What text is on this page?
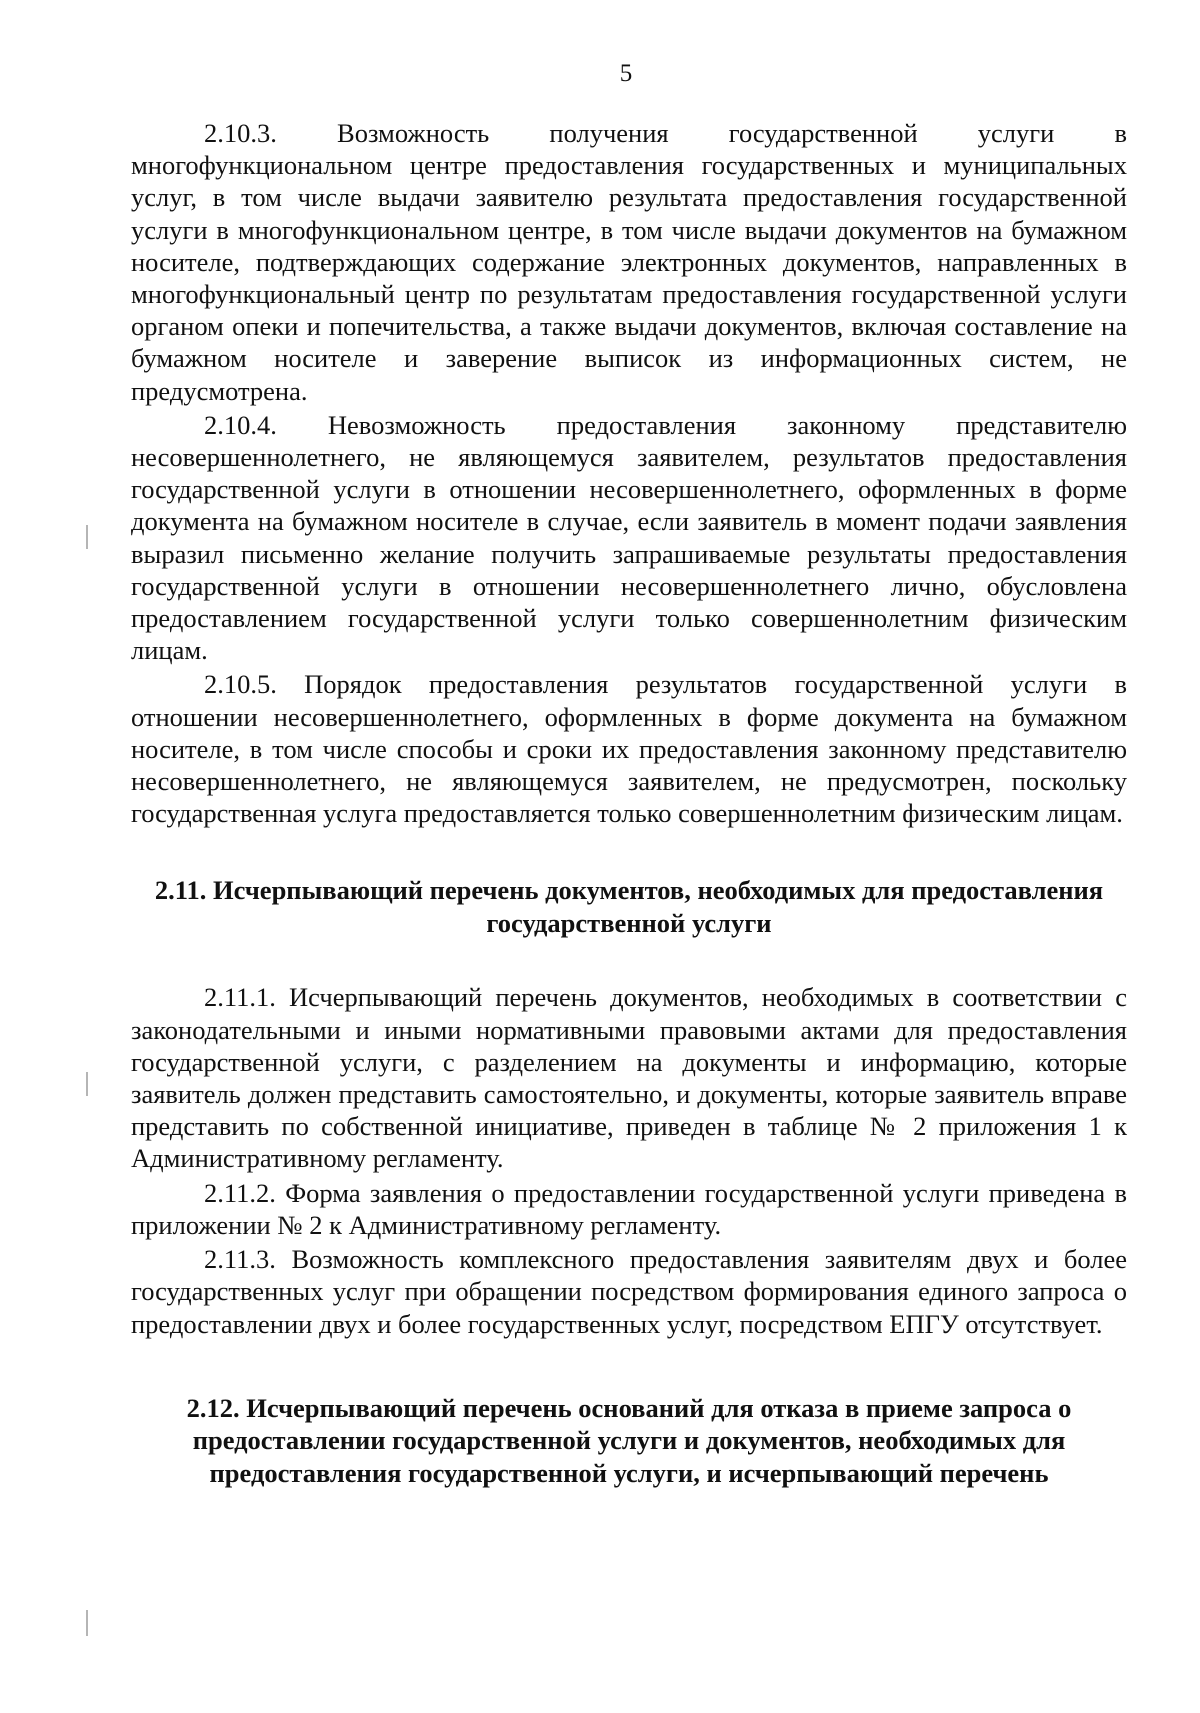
5

2.10.3. Возможность получения государственной услуги в многофункциональном центре предоставления государственных и муниципальных услуг, в том числе выдачи заявителю результата предоставления государственной услуги в многофункциональном центре, в том числе выдачи документов на бумажном носителе, подтверждающих содержание электронных документов, направленных в многофункциональный центр по результатам предоставления государственной услуги органом опеки и попечительства, а также выдачи документов, включая составление на бумажном носителе и заверение выписок из информационных систем, не предусмотрена.

2.10.4. Невозможность предоставления законному представителю несовершеннолетнего, не являющемуся заявителем, результатов предоставления государственной услуги в отношении несовершеннолетнего, оформленных в форме документа на бумажном носителе в случае, если заявитель в момент подачи заявления выразил письменно желание получить запрашиваемые результаты предоставления государственной услуги в отношении несовершеннолетнего лично, обусловлена предоставлением государственной услуги только совершеннолетним физическим лицам.

2.10.5. Порядок предоставления результатов государственной услуги в отношении несовершеннолетнего, оформленных в форме документа на бумажном носителе, в том числе способы и сроки их предоставления законному представителю несовершеннолетнего, не являющемуся заявителем, не предусмотрен, поскольку государственная услуга предоставляется только совершеннолетним физическим лицам.

2.11. Исчерпывающий перечень документов, необходимых для предоставления государственной услуги

2.11.1. Исчерпывающий перечень документов, необходимых в соответствии с законодательными и иными нормативными правовыми актами для предоставления государственной услуги, с разделением на документы и информацию, которые заявитель должен представить самостоятельно, и документы, которые заявитель вправе представить по собственной инициативе, приведен в таблице № 2 приложения 1 к Административному регламенту.

2.11.2. Форма заявления о предоставлении государственной услуги приведена в приложении № 2 к Административному регламенту.

2.11.3. Возможность комплексного предоставления заявителям двух и более государственных услуг при обращении посредством формирования единого запроса о предоставлении двух и более государственных услуг, посредством ЕПГУ отсутствует.

2.12. Исчерпывающий перечень оснований для отказа в приеме запроса о предоставлении государственной услуги и документов, необходимых для предоставления государственной услуги, и исчерпывающий перечень
